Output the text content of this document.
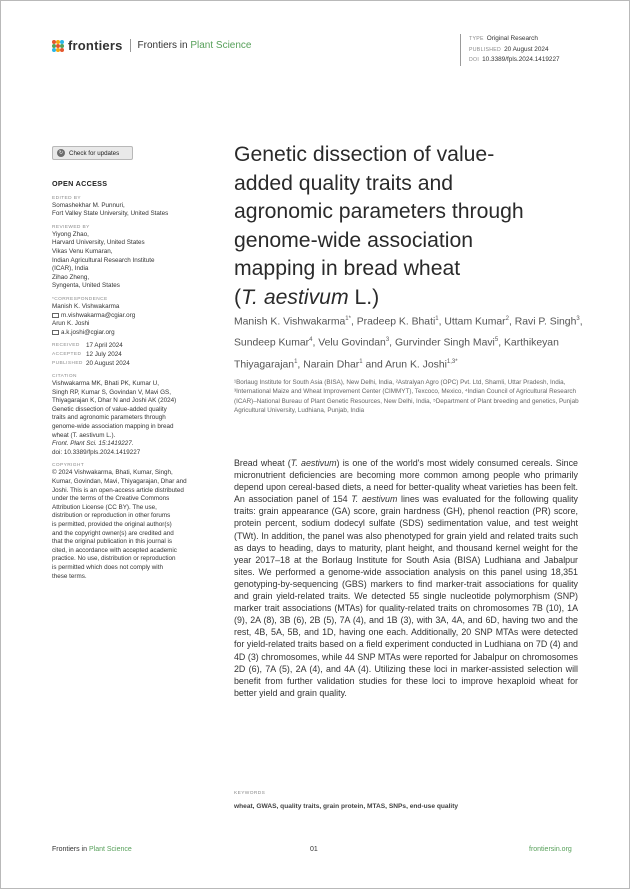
frontiers Frontiers in Plant Science
TYPE Original Research
PUBLISHED 20 August 2024
DOI 10.3389/fpls.2024.1419227
↻ Check for updates
OPEN ACCESS
EDITED BY
Somashekhar M. Punnuri,
Fort Valley State University, United States
REVIEWED BY
Yiyong Zhao,
Harvard University, United States
Vikas Venu Kumaran,
Indian Agricultural Research Institute
(ICAR), India
Zihao Zheng,
Syngenta, United States
*CORRESPONDENCE
Manish K. Vishwakarma
m.vishwakarma@cgiar.org
Arun K. Joshi
a.k.joshi@cgiar.org
RECEIVED 17 April 2024
ACCEPTED 12 July 2024
PUBLISHED 20 August 2024
CITATION
Vishwakarma MK, Bhati PK, Kumar U,
Singh RP, Kumar S, Govindan V, Mavi GS,
Thiyagarajan K, Dhar N and Joshi AK (2024)
Genetic dissection of value-added quality
traits and agronomic parameters through
genome-wide association mapping in bread
wheat (T. aestivum L.).
Front. Plant Sci. 15:1419227.
doi: 10.3389/fpls.2024.1419227
COPYRIGHT
© 2024 Vishwakarma, Bhati, Kumar, Singh,
Kumar, Govindan, Mavi, Thiyagarajan, Dhar and
Joshi. This is an open-access article distributed
under the terms of the Creative Commons
Attribution License (CC BY). The use,
distribution or reproduction in other forums
is permitted, provided the original author(s)
and the copyright owner(s) are credited and
that the original publication in this journal is
cited, in accordance with accepted academic
practice. No use, distribution or reproduction
is permitted which does not comply with
these terms.
Genetic dissection of value-
added quality traits and
agronomic parameters through
genome-wide association
mapping in bread wheat
(T. aestivum L.)
Manish K. Vishwakarma$^{1*}$, Pradeep K. Bhati$^1$, Uttam Kumar$^2$, Ravi P. Singh$^3$, Sundeep Kumar$^4$, Velu Govindan$^3$, Gurvinder Singh Mavi$^5$, Karthikeyan Thiyagarajan$^1$, Narain Dhar$^1$ and Arun K. Joshi$^{1,3*}$
¹Borlaug Institute for South Asia (BISA), New Delhi, India, ²Astralyan Agro (OPC) Pvt. Ltd, Shamli, Uttar Pradesh, India, ³International Maize and Wheat Improvement Center (CIMMYT), Texcoco, Mexico, ⁴Indian Council of Agricultural Research (ICAR)–National Bureau of Plant Genetic Resources, New Delhi, India, ⁵Department of Plant breeding and genetics, Punjab Agricultural University, Ludhiana, Punjab, India
Bread wheat (T. aestivum) is one of the world's most widely consumed cereals. Since micronutrient deficiencies are becoming more common among people who primarily depend upon cereal-based diets, a need for better-quality wheat varieties has been felt. An association panel of 154 T. aestivum lines was evaluated for the following quality traits: grain appearance (GA) score, grain hardness (GH), phenol reaction (PR) score, protein percent, sodium dodecyl sulfate (SDS) sedimentation value, and test weight (TWt). In addition, the panel was also phenotyped for grain yield and related traits such as days to heading, days to maturity, plant height, and thousand kernel weight for the year 2017–18 at the Borlaug Institute for South Asia (BISA) Ludhiana and Jabalpur sites. We performed a genome-wide association analysis on this panel using 18,351 genotyping-by-sequencing (GBS) markers to find marker-trait associations for quality and grain yield-related traits. We detected 55 single nucleotide polymorphism (SNP) marker trait associations (MTAs) for quality-related traits on chromosomes 7B (10), 1A (9), 2A (8), 3B (6), 2B (5), 7A (4), and 1B (3), with 3A, 4A, and 6D, having two and the rest, 4B, 5A, 5B, and 1D, having one each. Additionally, 20 SNP MTAs were detected for yield-related traits based on a field experiment conducted in Ludhiana on 7D (4) and 4D (3) chromosomes, while 44 SNP MTAs were reported for Jabalpur on chromosomes 2D (6), 7A (5), 2A (4), and 4A (4). Utilizing these loci in marker-assisted selection will benefit from further validation studies for these loci to improve hexaploid wheat for better yield and grain quality.
KEYWORDS
wheat, GWAS, quality traits, grain protein, MTAS, SNPs, end-use quality
Frontiers in Plant Science	01	frontiersin.org
